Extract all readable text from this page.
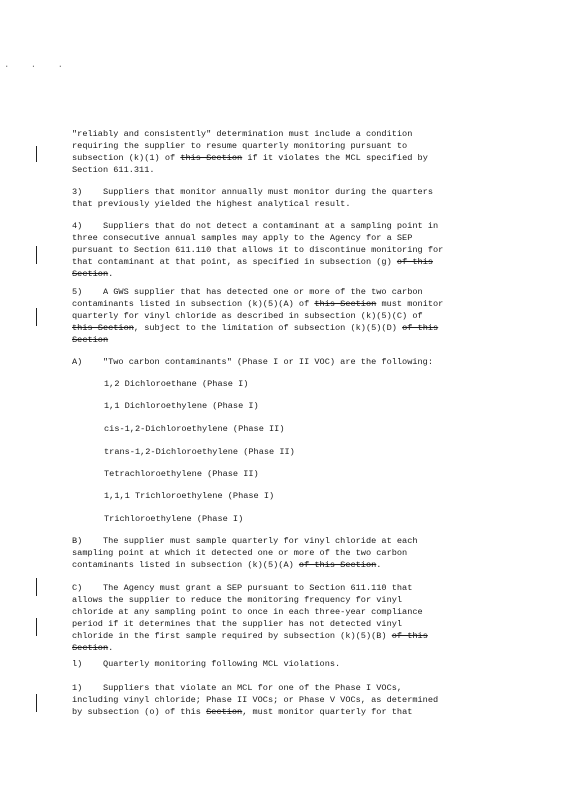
· · ·
"reliably and consistently" determination must include a condition
requiring the supplier to resume quarterly monitoring pursuant to
subsection (k)(1) of this Section if it violates the MCL specified by
Section 611.311.
3)    Suppliers that monitor annually must monitor during the quarters
that previously yielded the highest analytical result.
4)    Suppliers that do not detect a contaminant at a sampling point in
three consecutive annual samples may apply to the Agency for a SEP
pursuant to Section 611.110 that allows it to discontinue monitoring for
that contaminant at that point, as specified in subsection (g) of this
Section.
5)    A GWS supplier that has detected one or more of the two carbon
contaminants listed in subsection (k)(5)(A) of this Section must monitor
quarterly for vinyl chloride as described in subsection (k)(5)(C) of
this Section, subject to the limitation of subsection (k)(5)(D) of this
Section
A)    "Two carbon contaminants" (Phase I or II VOC) are the following:
1,2 Dichloroethane (Phase I)
1,1 Dichloroethylene (Phase I)
cis-1,2-Dichloroethylene (Phase II)
trans-1,2-Dichloroethylene (Phase II)
Tetrachloroethylene (Phase II)
1,1,1 Trichloroethylene (Phase I)
Trichloroethylene (Phase I)
B)    The supplier must sample quarterly for vinyl chloride at each
sampling point at which it detected one or more of the two carbon
contaminants listed in subsection (k)(5)(A) of this Section.
C)    The Agency must grant a SEP pursuant to Section 611.110 that
allows the supplier to reduce the monitoring frequency for vinyl
chloride at any sampling point to once in each three-year compliance
period if it determines that the supplier has not detected vinyl
chloride in the first sample required by subsection (k)(5)(B) of this
Section.
l)    Quarterly monitoring following MCL violations.
1)    Suppliers that violate an MCL for one of the Phase I VOCs,
including vinyl chloride; Phase II VOCs; or Phase V VOCs, as determined
by subsection (o) of this Section, must monitor quarterly for that
